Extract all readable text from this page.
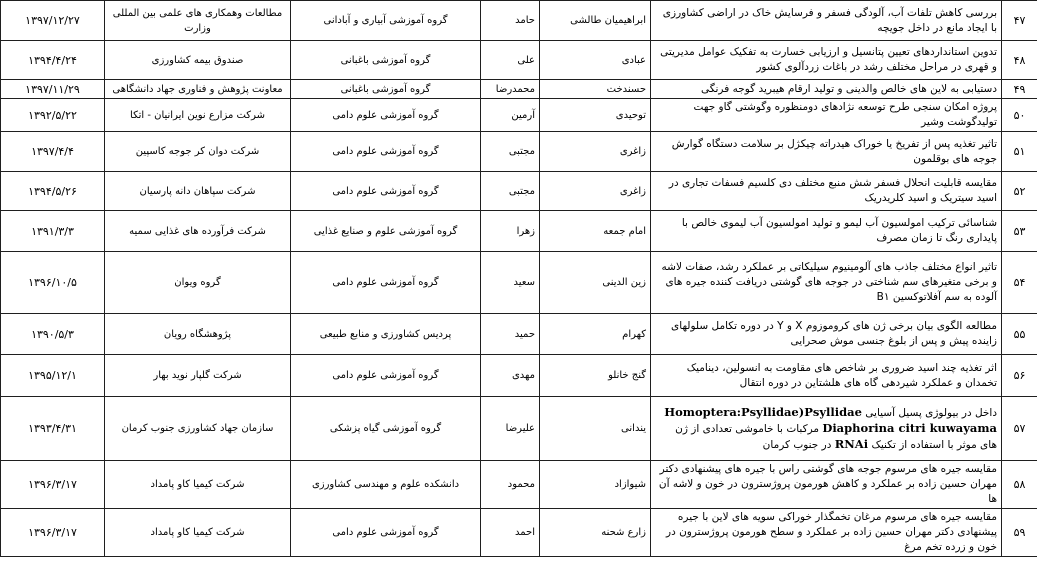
۴۷	بررسی کاهش تلفات آب، آلودگی فسفر و فرسایش خاک در اراضی کشاورزی با ایجاد مانع در داخل جویچه	ابراهیمیان طالشی	حامد	گروه آموزشی آبیاری و آبادانی	مطالعات وهمکاری های علمی بین المللی وزارت	۱۳۹۷/۱۲/۲۷
۴۸	تدوین استانداردهای تعیین پتانسیل و ارزیابی خسارت به تفکیک عوامل مدیریتی و قهری در مراحل مختلف رشد در باغات زردآلوی کشور	عبادی	علی	گروه آموزشی باغبانی	صندوق بیمه کشاورزی	۱۳۹۴/۴/۲۴
۴۹	دستیابی به لاین های خالص والدینی و تولید ارقام هیبرید گوجه فرنگی	حسندخت	محمدرضا	گروه آموزشی باغبانی	معاونت پژوهش و فناوری جهاد دانشگاهی	۱۳۹۷/۱۱/۲۹
۵۰	پروژه امکان سنجی طرح توسعه نژادهای دومنظوره وگوشتی گاو جهت تولیدگوشت وشیر	توحیدی	آرمین	گروه آموزشی علوم دامی	شرکت مزارع نوین ایرانیان - اتکا	۱۳۹۲/۵/۲۲
۵۱	تاثیر تغذیه پس از تفریخ یا خوراک هیدراته چیکژل بر سلامت دستگاه گوارش جوجه های بوقلمون	زاغری	مجتبی	گروه آموزشی علوم دامی	شرکت دوان کر جوجه کاسپین	۱۳۹۷/۴/۴
۵۲	مقایسه قابلیت انحلال فسفر شش منبع مختلف دی کلسیم فسفات تجاری در اسید سیتریک و اسید کلریدریک	زاغری	مجتبی	گروه آموزشی علوم دامی	شرکت سپاهان دانه پارسیان	۱۳۹۴/۵/۲۶
۵۳	شناسائی ترکیب امولسیون آب لیمو و تولید امولسیون آب لیموی خالص با پایداری رنگ تا زمان مصرف	امام جمعه	زهرا	گروه آموزشی علوم و صنایع غذایی	شرکت فرآورده های غذایی سمیه	۱۳۹۱/۳/۳
۵۴	تاثیر انواع مختلف جاذب های آلومینیوم سیلیکاتی بر عملکرد رشد، صفات لاشه و برخی متغیرهای سم شناختی در جوجه های گوشتی دریافت کننده جیره های آلوده به سم آفلاتوکسین B۱	زین الدینی	سعید	گروه آموزشی علوم دامی	گروه ویوان	۱۳۹۶/۱۰/۵
۵۵	مطالعه الگوی بیان برخی ژن های کروموزوم X و Y در دوره تکامل سلولهای زاینده پیش و پس از بلوغ جنسی موش صحرایی	کهرام	حمید	پردیس کشاورزی و منابع طبیعی	پژوهشگاه رویان	۱۳۹۰/۵/۳
۵۶	اثر تغذیه چند اسید ضروری بر شاخص های مقاومت به انسولین، دینامیک تخمدان و عملکرد شیردهی گاه های هلشتاین در دوره انتقال	گنج خانلو	مهدی	گروه آموزشی علوم دامی	شرکت گلپار نوید بهار	۱۳۹۵/۱۲/۱
۵۷	داخل در بیولوژی پسیل آسیایی Homoptera:Psyllidae)Psyllidae Diaphorina citri kuwayama مرکبات با خاموشی تعدادی از ژن های موثر با استفاده از تکنیک RNAi در جنوب کرمان	یندانی	علیرضا	گروه آموزشی گیاه پزشکی	سازمان جهاد کشاورزی جنوب کرمان	۱۳۹۳/۴/۳۱
۵۸	مقایسه جیره های مرسوم جوجه های گوشتی راس با جیره های پیشنهادی دکتر مهران حسین زاده بر عملکرد و کاهش هورمون پروژسترون در خون و لاشه آن ها	شیوازاد	محمود	دانشکده علوم و مهندسی کشاورزی	شرکت کیمیا کاو پامداد	۱۳۹۶/۳/۱۷
۵۹	مقایسه جیره های مرسوم مرغان تخمگذار خوراکی سویه های لاین با جیره پیشنهادی دکتر مهران حسین زاده بر عملکرد و سطح هورمون پروژسترون در خون و زرده تخم مرغ	زارع شحنه	احمد	گروه آموزشی علوم دامی	شرکت کیمیا کاو پامداد	۱۳۹۶/۳/۱۷
